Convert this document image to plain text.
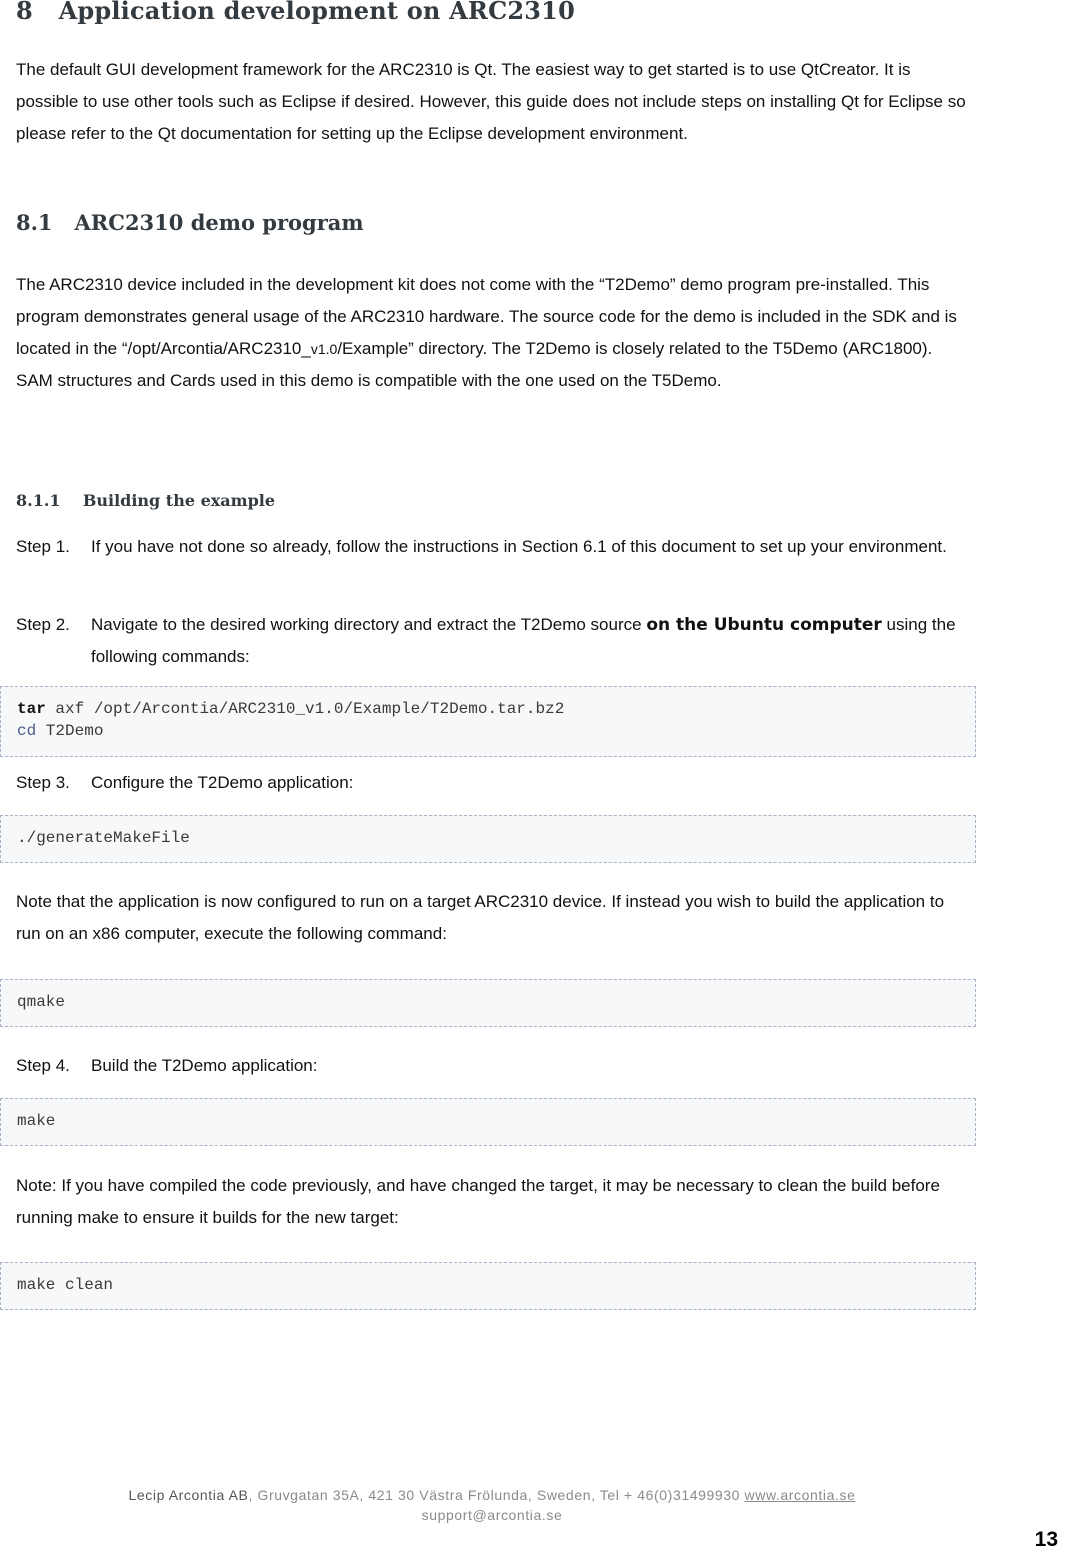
8 Application development on ARC2310

The default GUI development framework for the ARC2310 is Qt. The easiest way to get started is to use QtCreator. It is possible to use other tools such as Eclipse if desired. However, this guide does not include steps on installing Qt for Eclipse so please refer to the Qt documentation for setting up the Eclipse development environment.

8.1 ARC2310 demo program

The ARC2310 device included in the development kit does not come with the “T2Demo” demo program pre-installed. This program demonstrates general usage of the ARC2310 hardware. The source code for the demo is included in the SDK and is located in the “/opt/Arcontia/ARC2310_v1.0/Example” directory. The T2Demo is closely related to the T5Demo (ARC1800). SAM structures and Cards used in this demo is compatible with the one used on the T5Demo.

8.1.1 Building the example
Step 1. If you have not done so already, follow the instructions in Section 6.1 of this document to set up your environment.
Step 2. Navigate to the desired working directory and extract the T2Demo source on the Ubuntu computer using the following commands:
tar axf /opt/Arcontia/ARC2310_v1.0/Example/T2Demo.tar.bz2
cd T2Demo
Step 3. Configure the T2Demo application:
./generateMakeFile

Note that the application is now configured to run on a target ARC2310 device. If instead you wish to build the application to run on an x86 computer, execute the following command:

qmake
Step 4. Build the T2Demo application:
make

Note: If you have compiled the code previously, and have changed the target, it may be necessary to clean the build before running make to ensure it builds for the new target:

make clean
Lecip Arcontia AB, Gruvgatan 35A, 421 30 Västra Frölunda, Sweden, Tel + 46(0)31499930 www.arcontia.se
support@arcontia.se
13
